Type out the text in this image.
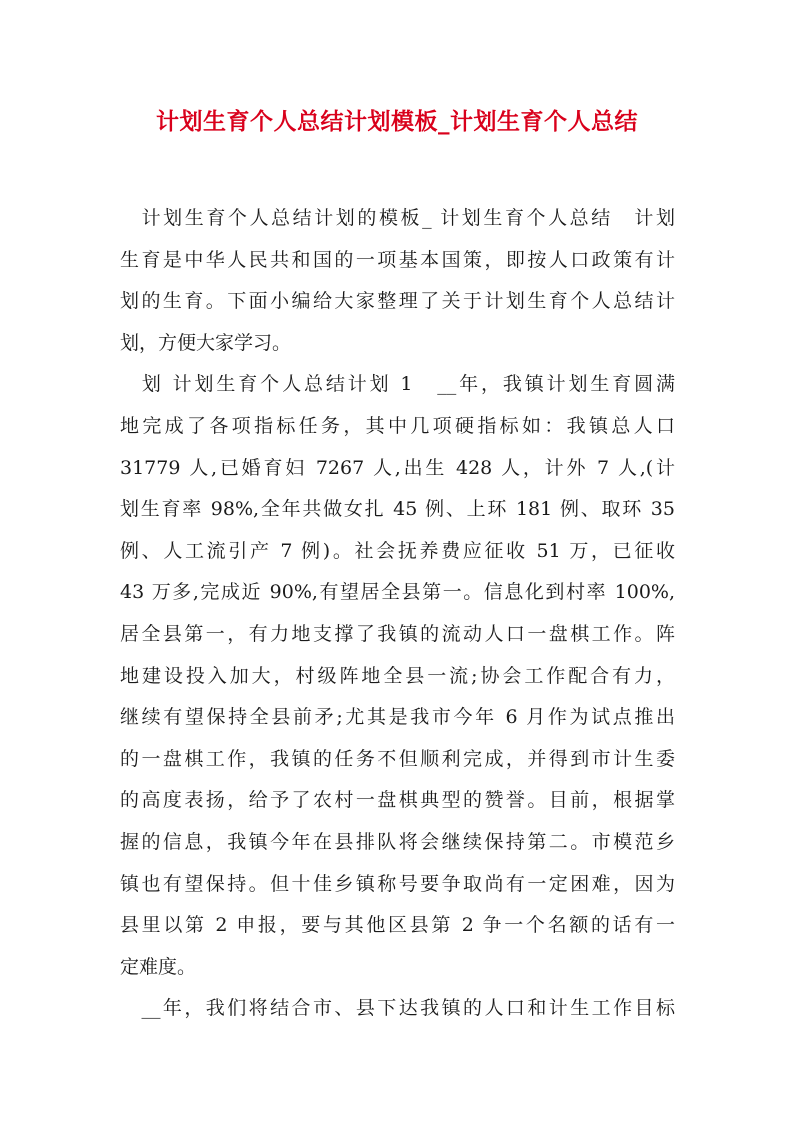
计划生育个人总结计划模板_计划生育个人总结
　计划生育个人总结计划的模板_ 计划生育个人总结　计划
生育是中华人民共和国的一项基本国策，即按人口政策有计
划的生育。下面小编给大家整理了关于计划生育个人总结计
划，方便大家学习。
　划 计划生育个人总结计划 1　__年，我镇计划生育圆满
地完成了各项指标任务，其中几项硬指标如：我镇总人口
31779 人,已婚育妇 7267 人,出生 428 人，计外 7 人,(计
划生育率 98%,全年共做女扎 45 例、上环 181 例、取环 35
例、人工流引产 7 例)。社会抚养费应征收 51 万，已征收
43 万多,完成近 90%,有望居全县第一。信息化到村率 100%,
居全县第一，有力地支撑了我镇的流动人口一盘棋工作。阵
地建设投入加大，村级阵地全县一流;协会工作配合有力，
继续有望保持全县前矛;尤其是我市今年 6 月作为试点推出
的一盘棋工作，我镇的任务不但顺利完成，并得到市计生委
的高度表扬，给予了农村一盘棋典型的赞誉。目前，根据掌
握的信息，我镇今年在县排队将会继续保持第二。市模范乡
镇也有望保持。但十佳乡镇称号要争取尚有一定困难，因为
县里以第 2 申报，要与其他区县第 2 争一个名额的话有一
定难度。
　__年，我们将结合市、县下达我镇的人口和计生工作目标
